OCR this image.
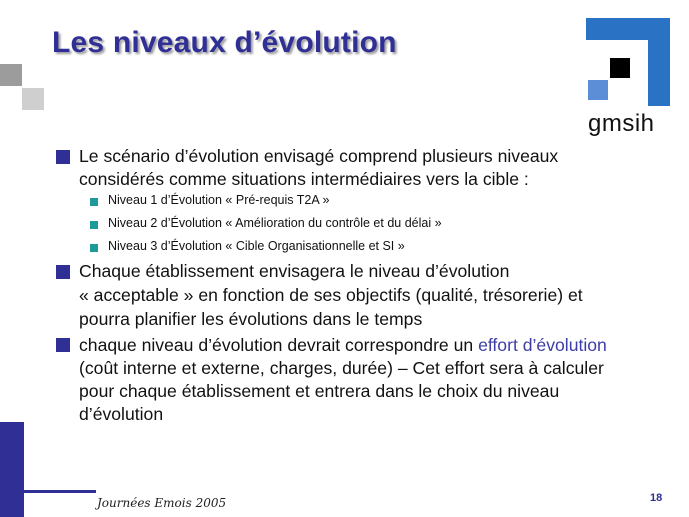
Les niveaux d’évolution
gmsih
Le scénario d’évolution envisagé comprend plusieurs niveaux
considérés comme situations intermédiaires vers la cible :
Niveau 1 d’Évolution « Pré-requis T2A »
Niveau 2 d’Évolution « Amélioration du contrôle et du délai »
Niveau 3 d’Évolution « Cible Organisationnelle et SI »
Chaque établissement envisagera le niveau d’évolution
« acceptable » en fonction de ses objectifs (qualité, trésorerie) et
pourra planifier les évolutions dans le temps
chaque niveau d’évolution devrait correspondre un effort d’évolution
(coût interne et externe, charges, durée) – Cet effort sera à calculer
pour chaque établissement et entrera dans le choix du niveau
d’évolution
Journées Emois 2005	18
